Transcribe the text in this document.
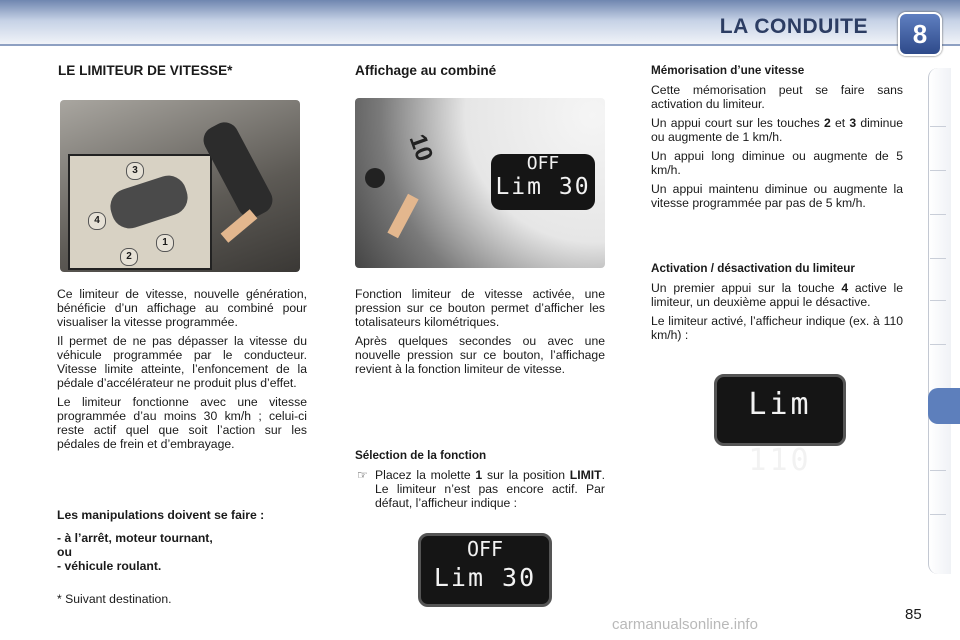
LA CONDUITE	8
LE LIMITEUR DE VITESSE*
3
4
1
2

Ce limiteur de vitesse, nouvelle génération, bénéficie d’un affichage au combiné pour visualiser la vitesse programmée.

Il permet de ne pas dépasser la vitesse du véhicule programmée par le conducteur. Vitesse limite atteinte, l’enfoncement de la pédale d’accélérateur ne produit plus d’effet.

Le limiteur fonctionne avec une vitesse programmée d’au moins 30 km/h ; celui-ci reste actif quel que soit l’action sur les pédales de frein et d’embrayage.

Les manipulations doivent se faire :
- à l’arrêt, moteur tournant,
ou
- véhicule roulant.
* Suivant destination.
Affichage au combiné
10	OFF
Lim 30

Fonction limiteur de vitesse activée, une pression sur ce bouton permet d’afficher les totalisateurs kilométriques.

Après quelques secondes ou avec une nouvelle pression sur ce bouton, l’affichage revient à la fonction limiteur de vitesse.

Sélection de la fonction
☞ Placez la molette 1 sur la position LIMIT. Le limiteur n’est pas encore actif. Par défaut, l’afficheur indique :
OFF
Lim 30
Mémorisation d’une vitesse

Cette mémorisation peut se faire sans activation du limiteur.

Un appui court sur les touches 2 et 3 diminue ou augmente de 1 km/h.

Un appui long diminue ou augmente de 5 km/h.

Un appui maintenu diminue ou augmente la vitesse programmée par pas de 5 km/h.

Activation / désactivation du limiteur

Un premier appui sur la touche 4 active le limiteur, un deuxième appui le désactive.

Le limiteur activé, l’afficheur indique (ex. à 110 km/h) :

Lim 110
carmanualsonline.info
85
